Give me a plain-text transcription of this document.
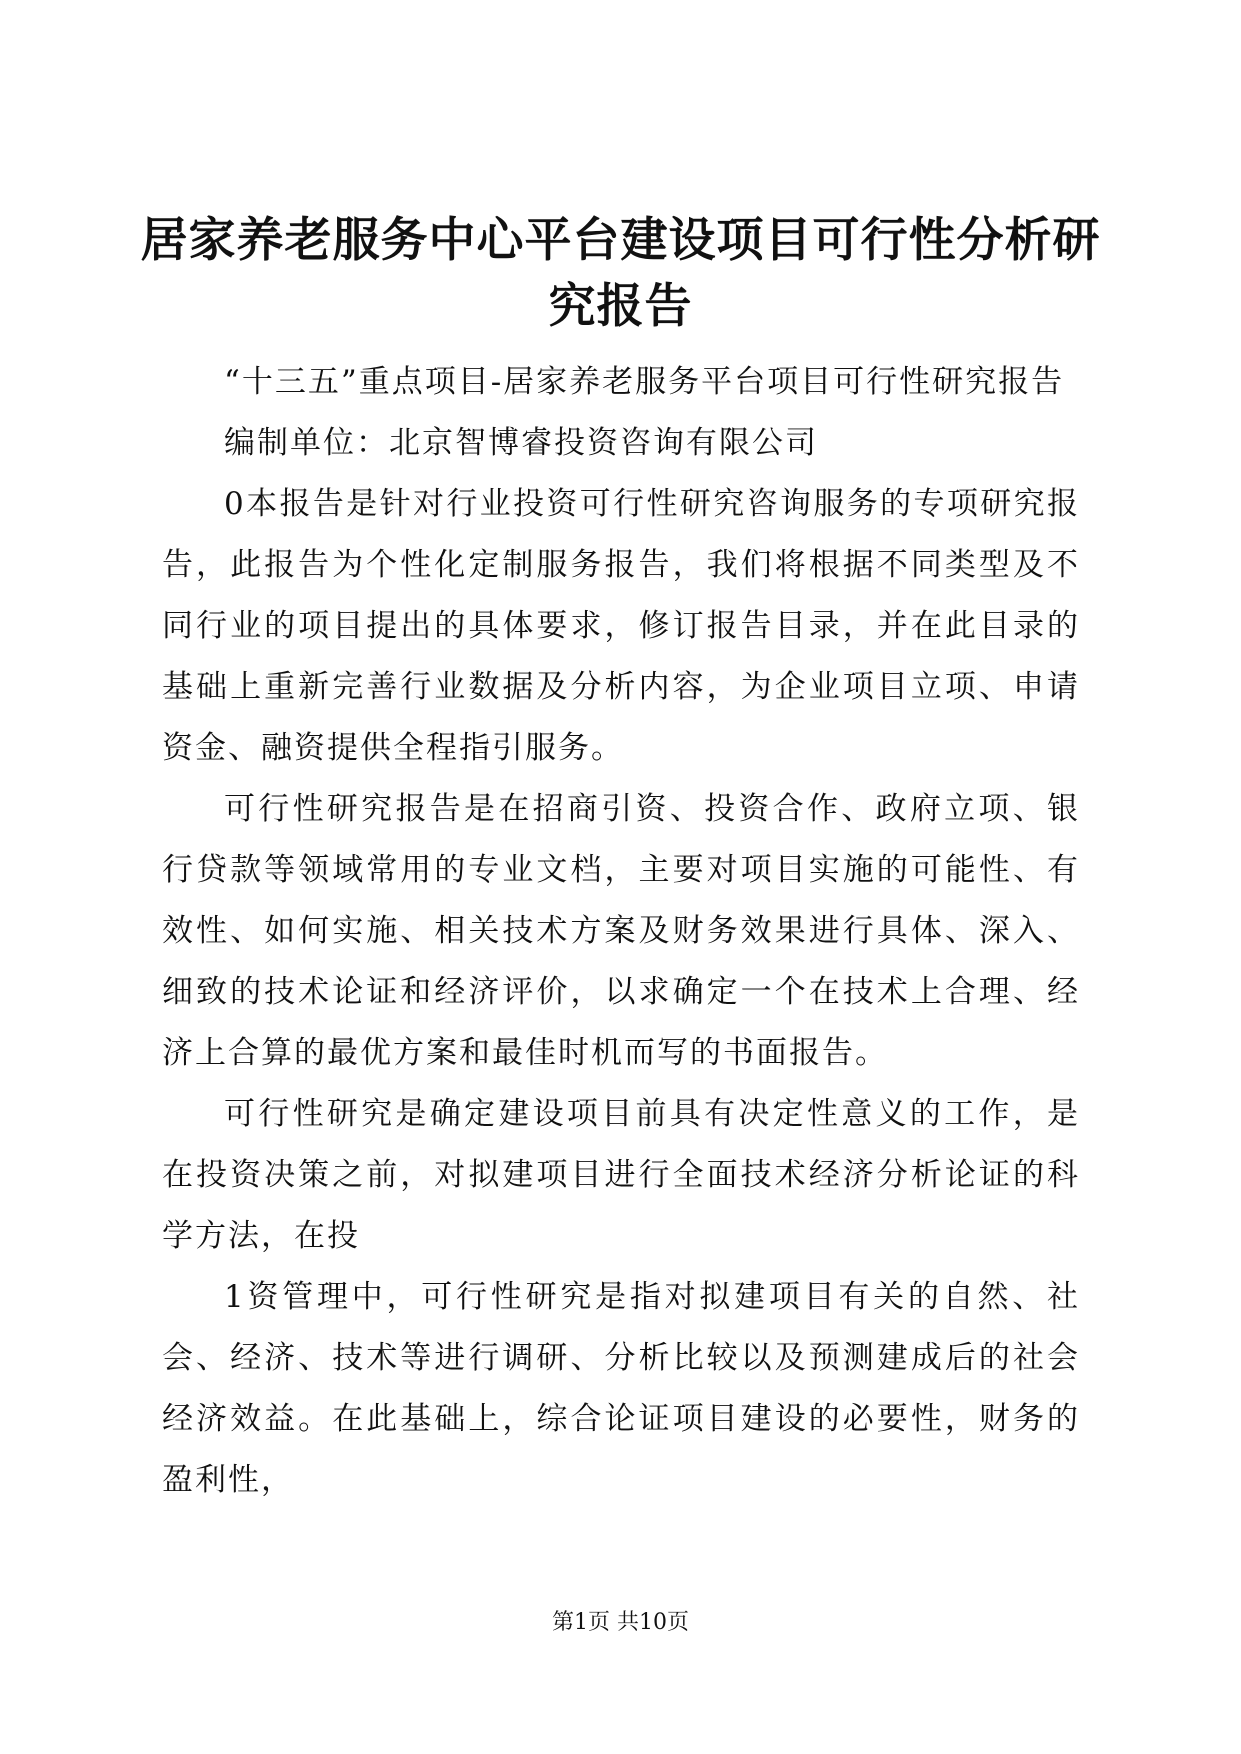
居家养老服务中心平台建设项目可行性分析研究报告

“十三五”重点项目-居家养老服务平台项目可行性研究报告

编制单位：北京智博睿投资咨询有限公司

0本报告是针对行业投资可行性研究咨询服务的专项研究报告，此报告为个性化定制服务报告，我们将根据不同类型及不同行业的项目提出的具体要求，修订报告目录，并在此目录的基础上重新完善行业数据及分析内容，为企业项目立项、申请资金、融资提供全程指引服务。

可行性研究报告是在招商引资、投资合作、政府立项、银行贷款等领域常用的专业文档，主要对项目实施的可能性、有效性、如何实施、相关技术方案及财务效果进行具体、深入、细致的技术论证和经济评价，以求确定一个在技术上合理、经济上合算的最优方案和最佳时机而写的书面报告。

可行性研究是确定建设项目前具有决定性意义的工作，是在投资决策之前，对拟建项目进行全面技术经济分析论证的科学方法，在投

1资管理中，可行性研究是指对拟建项目有关的自然、社会、经济、技术等进行调研、分析比较以及预测建成后的社会经济效益。在此基础上，综合论证项目建设的必要性，财务的盈利性，

第1页 共10页
